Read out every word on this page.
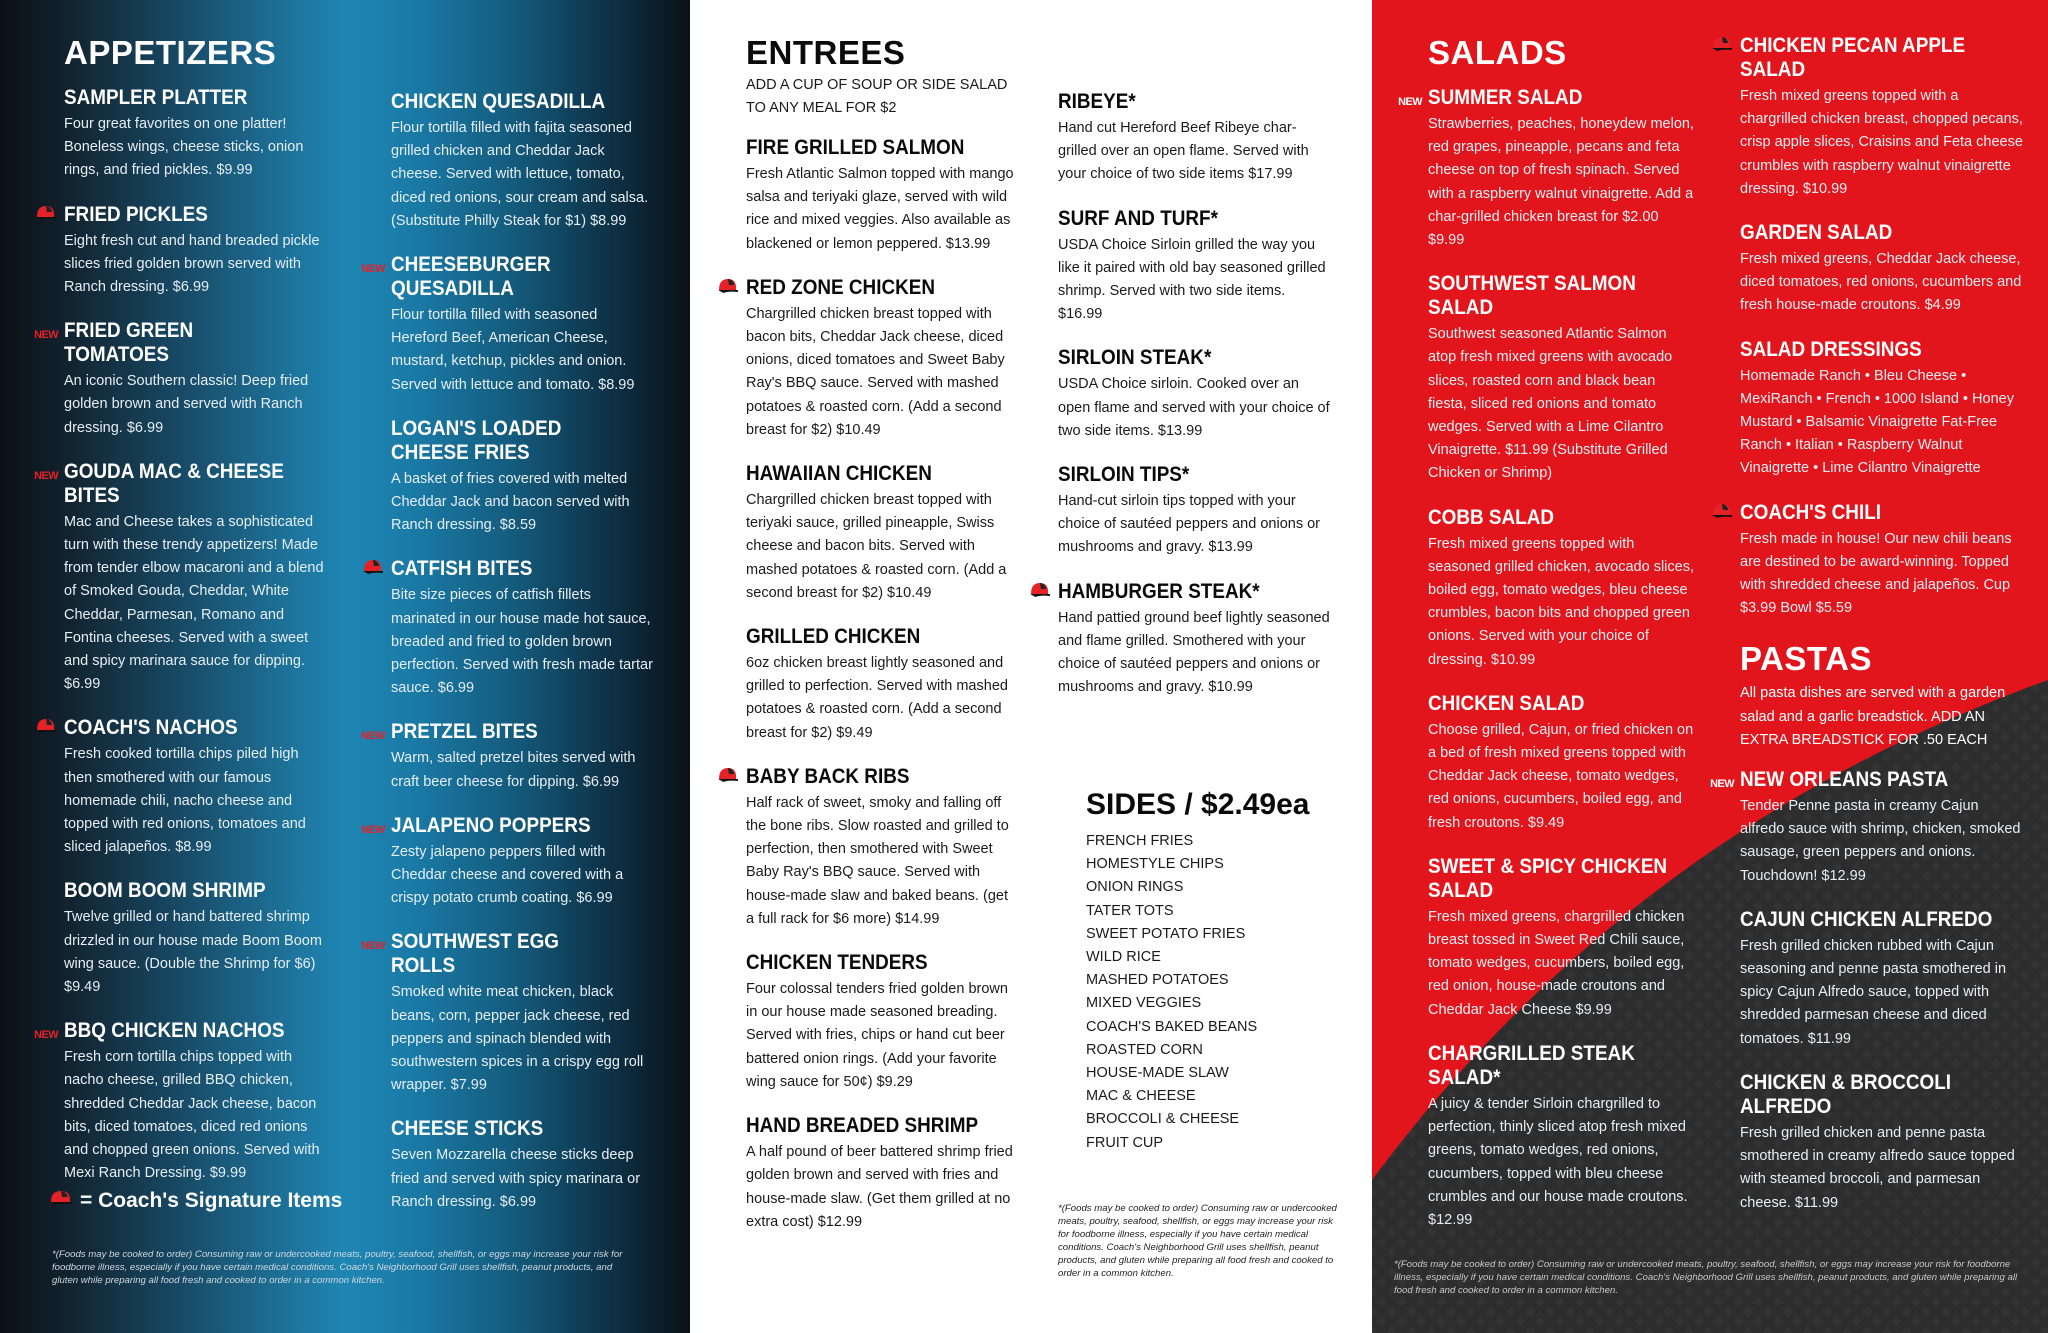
APPETIZERS
SAMPLER PLATTER
Four great favorites on one platter! Boneless wings, cheese sticks, onion rings, and fried pickles. $9.99
FRIED PICKLES
Eight fresh cut and hand breaded pickle slices fried golden brown served with Ranch dressing. $6.99
NEW FRIED GREEN TOMATOES
An iconic Southern classic! Deep fried golden brown and served with Ranch dressing. $6.99
NEW GOUDA MAC & CHEESE BITES
Mac and Cheese takes a sophisticated turn with these trendy appetizers! Made from tender elbow macaroni and a blend of Smoked Gouda, Cheddar, White Cheddar, Parmesan, Romano and Fontina cheeses. Served with a sweet and spicy marinara sauce for dipping. $6.99
COACH'S NACHOS
Fresh cooked tortilla chips piled high then smothered with our famous homemade chili, nacho cheese and topped with red onions, tomatoes and sliced jalapeños. $8.99
BOOM BOOM SHRIMP
Twelve grilled or hand battered shrimp drizzled in our house made Boom Boom wing sauce. (Double the Shrimp for $6) $9.49
NEW BBQ CHICKEN NACHOS
Fresh corn tortilla chips topped with nacho cheese, grilled BBQ chicken, shredded Cheddar Jack cheese, bacon bits, diced tomatoes, diced red onions and chopped green onions. Served with Mexi Ranch Dressing. $9.99
CHICKEN QUESADILLA
Flour tortilla filled with fajita seasoned grilled chicken and Cheddar Jack cheese. Served with lettuce, tomato, diced red onions, sour cream and salsa. (Substitute Philly Steak for $1) $8.99
NEW CHEESEBURGER QUESADILLA
Flour tortilla filled with seasoned Hereford Beef, American Cheese, mustard, ketchup, pickles and onion. Served with lettuce and tomato. $8.99
LOGAN'S LOADED CHEESE FRIES
A basket of fries covered with melted Cheddar Jack and bacon served with Ranch dressing. $8.59
CATFISH BITES
Bite size pieces of catfish fillets marinated in our house made hot sauce, breaded and fried to golden brown perfection. Served with fresh made tartar sauce. $6.99
NEW PRETZEL BITES
Warm, salted pretzel bites served with craft beer cheese for dipping. $6.99
NEW JALAPENO POPPERS
Zesty jalapeno peppers filled with Cheddar cheese and covered with a crispy potato crumb coating. $6.99
NEW SOUTHWEST EGG ROLLS
Smoked white meat chicken, black beans, corn, pepper jack cheese, red peppers and spinach blended with southwestern spices in a crispy egg roll wrapper. $7.99
CHEESE STICKS
Seven Mozzarella cheese sticks deep fried and served with spicy marinara or Ranch dressing. $6.99
= Coach's Signature Items
*(Foods may be cooked to order) Consuming raw or undercooked meats, poultry, seafood, shellfish, or eggs may increase your risk for foodborne illness, especially if you have certain medical conditions. Coach's Neighborhood Grill uses shellfish, peanut products, and gluten while preparing all food fresh and cooked to order in a common kitchen.
ENTREES
ADD A CUP OF SOUP OR SIDE SALAD TO ANY MEAL FOR $2
FIRE GRILLED SALMON
Fresh Atlantic Salmon topped with mango salsa and teriyaki glaze, served with wild rice and mixed veggies. Also available as blackened or lemon peppered. $13.99
RED ZONE CHICKEN
Chargrilled chicken breast topped with bacon bits, Cheddar Jack cheese, diced onions, diced tomatoes and Sweet Baby Ray's BBQ sauce. Served with mashed potatoes & roasted corn. (Add a second breast for $2) $10.49
HAWAIIAN CHICKEN
Chargrilled chicken breast topped with teriyaki sauce, grilled pineapple, Swiss cheese and bacon bits. Served with mashed potatoes & roasted corn. (Add a second breast for $2) $10.49
GRILLED CHICKEN
6oz chicken breast lightly seasoned and grilled to perfection. Served with mashed potatoes & roasted corn. (Add a second breast for $2) $9.49
BABY BACK RIBS
Half rack of sweet, smoky and falling off the bone ribs. Slow roasted and grilled to perfection, then smothered with Sweet Baby Ray's BBQ sauce. Served with house-made slaw and baked beans. (get a full rack for $6 more) $14.99
CHICKEN TENDERS
Four colossal tenders fried golden brown in our house made seasoned breading. Served with fries, chips or hand cut beer battered onion rings. (Add your favorite wing sauce for 50¢) $9.29
HAND BREADED SHRIMP
A half pound of beer battered shrimp fried golden brown and served with fries and house-made slaw. (Get them grilled at no extra cost) $12.99
RIBEYE*
Hand cut Hereford Beef Ribeye char-grilled over an open flame. Served with your choice of two side items $17.99
SURF AND TURF*
USDA Choice Sirloin grilled the way you like it paired with old bay seasoned grilled shrimp. Served with two side items. $16.99
SIRLOIN STEAK*
USDA Choice sirloin. Cooked over an open flame and served with your choice of two side items. $13.99
SIRLOIN TIPS*
Hand-cut sirloin tips topped with your choice of sautéed peppers and onions or mushrooms and gravy. $13.99
HAMBURGER STEAK*
Hand pattied ground beef lightly seasoned and flame grilled. Smothered with your choice of sautéed peppers and onions or mushrooms and gravy. $10.99
SIDES / $2.49ea
FRENCH FRIES
HOMESTYLE CHIPS
ONION RINGS
TATER TOTS
SWEET POTATO FRIES
WILD RICE
MASHED POTATOES
MIXED VEGGIES
COACH'S BAKED BEANS
ROASTED CORN
HOUSE-MADE SLAW
MAC & CHEESE
BROCCOLI & CHEESE
FRUIT CUP
*(Foods may be cooked to order) Consuming raw or undercooked meats, poultry, seafood, shellfish, or eggs may increase your risk for foodborne illness, especially if you have certain medical conditions. Coach's Neighborhood Grill uses shellfish, peanut products, and gluten while preparing all food fresh and cooked to order in a common kitchen.
SALADS
NEW SUMMER SALAD
Strawberries, peaches, honeydew melon, red grapes, pineapple, pecans and feta cheese on top of fresh spinach. Served with a raspberry walnut vinaigrette. Add a char-grilled chicken breast for $2.00 $9.99
SOUTHWEST SALMON SALAD
Southwest seasoned Atlantic Salmon atop fresh mixed greens with avocado slices, roasted corn and black bean fiesta, sliced red onions and tomato wedges. Served with a Lime Cilantro Vinaigrette. $11.99 (Substitute Grilled Chicken or Shrimp)
COBB SALAD
Fresh mixed greens topped with seasoned grilled chicken, avocado slices, boiled egg, tomato wedges, bleu cheese crumbles, bacon bits and chopped green onions. Served with your choice of dressing. $10.99
CHICKEN SALAD
Choose grilled, Cajun, or fried chicken on a bed of fresh mixed greens topped with Cheddar Jack cheese, tomato wedges, red onions, cucumbers, boiled egg, and fresh croutons. $9.49
SWEET & SPICY CHICKEN SALAD
Fresh mixed greens, chargrilled chicken breast tossed in Sweet Red Chili sauce, tomato wedges, cucumbers, boiled egg, red onion, house-made croutons and Cheddar Jack Cheese $9.99
CHARGRILLED STEAK SALAD*
A juicy & tender Sirloin chargrilled to perfection, thinly sliced atop fresh mixed greens, tomato wedges, red onions, cucumbers, topped with bleu cheese crumbles and our house made croutons. $12.99
CHICKEN PECAN APPLE SALAD
Fresh mixed greens topped with a chargrilled chicken breast, chopped pecans, crisp apple slices, Craisins and Feta cheese crumbles with raspberry walnut vinaigrette dressing. $10.99
GARDEN SALAD
Fresh mixed greens, Cheddar Jack cheese, diced tomatoes, red onions, cucumbers and fresh house-made croutons. $4.99
SALAD DRESSINGS
Homemade Ranch • Bleu Cheese • MexiRanch • French • 1000 Island • Honey Mustard • Balsamic Vinaigrette Fat-Free Ranch • Italian • Raspberry Walnut Vinaigrette • Lime Cilantro Vinaigrette
COACH'S CHILI
Fresh made in house! Our new chili beans are destined to be award-winning. Topped with shredded cheese and jalapeños. Cup $3.99 Bowl $5.59
PASTAS
All pasta dishes are served with a garden salad and a garlic breadstick. ADD AN EXTRA BREADSTICK FOR .50 EACH
NEW NEW ORLEANS PASTA
Tender Penne pasta in creamy Cajun alfredo sauce with shrimp, chicken, smoked sausage, green peppers and onions. Touchdown! $12.99
CAJUN CHICKEN ALFREDO
Fresh grilled chicken rubbed with Cajun seasoning and penne pasta smothered in spicy Cajun Alfredo sauce, topped with shredded parmesan cheese and diced tomatoes. $11.99
CHICKEN & BROCCOLI ALFREDO
Fresh grilled chicken and penne pasta smothered in creamy alfredo sauce topped with steamed broccoli, and parmesan cheese. $11.99
*(Foods may be cooked to order) Consuming raw or undercooked meats, poultry, seafood, shellfish, or eggs may increase your risk for foodborne illness, especially if you have certain medical conditions. Coach's Neighborhood Grill uses shellfish, peanut products, and gluten while preparing all food fresh and cooked to order in a common kitchen.
